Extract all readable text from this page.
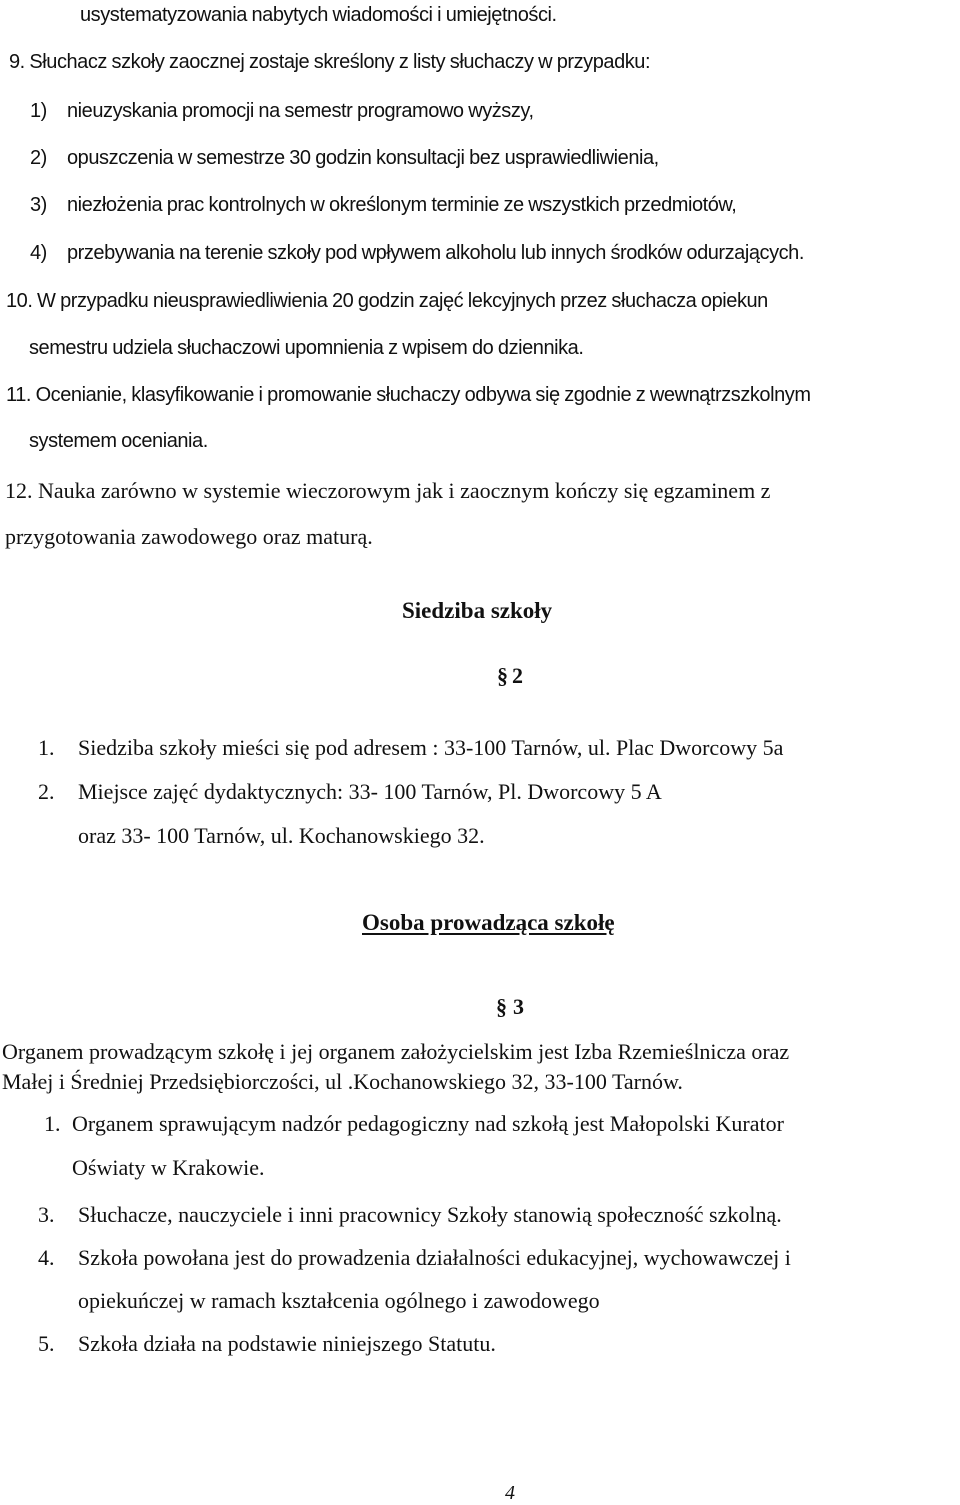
usystematyzowania nabytych wiadomości i umiejętności.
9. Słuchacz szkoły zaocznej zostaje skreślony z listy słuchaczy w przypadku:
1) nieuzyskania promocji na semestr programowo wyższy,
2) opuszczenia w semestrze 30 godzin konsultacji bez usprawiedliwienia,
3) niezłożenia prac kontrolnych w określonym terminie ze wszystkich przedmiotów,
4) przebywania na terenie szkoły pod wpływem alkoholu lub innych środków odurzających.
10. W przypadku nieusprawiedliwienia 20 godzin zajęć lekcyjnych przez słuchacza opiekun
semestru udziela słuchaczowi upomnienia z wpisem do dziennika.
11. Ocenianie, klasyfikowanie i promowanie słuchaczy odbywa się zgodnie z wewnątrzszkolnym
systemem oceniania.
12. Nauka zarówno w systemie wieczorowym jak i zaocznym kończy się egzaminem z
przygotowania zawodowego oraz maturą.
Siedziba szkoły
§ 2
1. Siedziba szkoły mieści się pod adresem : 33-100 Tarnów, ul. Plac Dworcowy 5a
2. Miejsce zajęć dydaktycznych: 33- 100 Tarnów, Pl. Dworcowy 5 A
oraz 33- 100 Tarnów, ul. Kochanowskiego 32.
Osoba prowadząca szkołę
§ 3
Organem prowadzącym szkołę i jej organem założycielskim jest Izba Rzemieślnicza oraz
Małej i Średniej Przedsiębiorczości, ul .Kochanowskiego 32, 33-100 Tarnów.
1. Organem sprawującym nadzór pedagogiczny nad szkołą jest Małopolski Kurator
Oświaty w Krakowie.
3. Słuchacze, nauczyciele i inni pracownicy Szkoły stanowią społeczność szkolną.
4. Szkoła powołana jest do prowadzenia działalności edukacyjnej, wychowawczej i
opiekuńczej w ramach kształcenia ogólnego i zawodowego
5. Szkoła działa na podstawie niniejszego Statutu.
4
